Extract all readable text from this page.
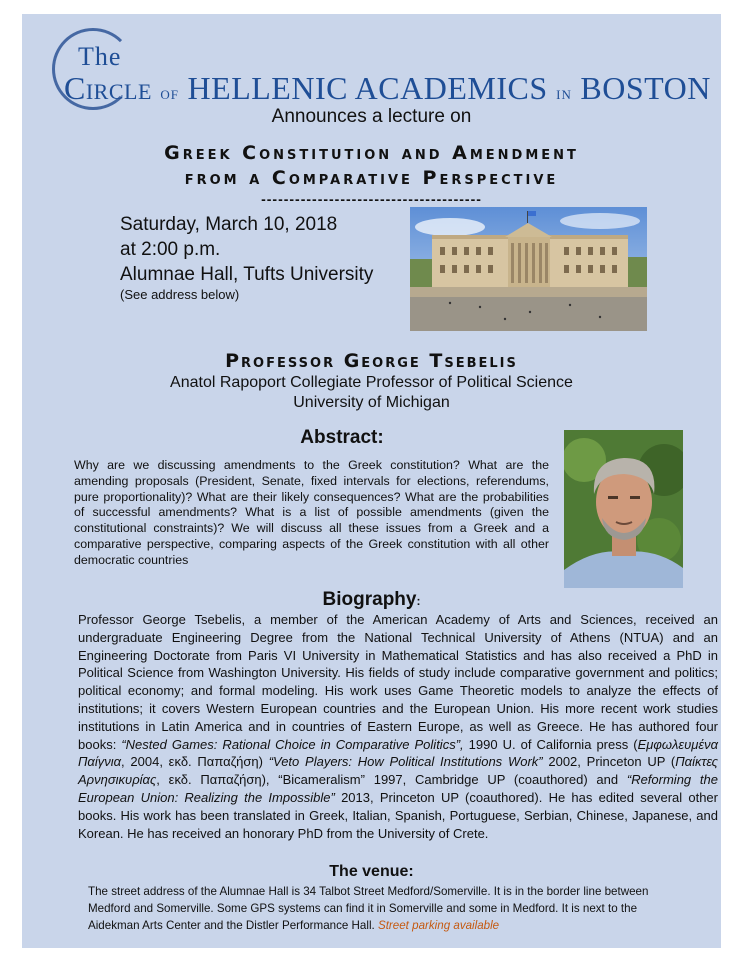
The
Circle of HELLENIC ACADEMICS in BOSTON
Announces a lecture on
Greek Constitution and Amendment
from a Comparative Perspective
---------------------------------------
Saturday, March 10, 2018
at 2:00 p.m.
Alumnae Hall, Tufts University
(See address below)
Professor George Tsebelis
Anatol Rapoport Collegiate Professor of Political Science
University of Michigan
Abstract:
Why are we discussing amendments to the Greek constitution? What are the amending proposals (President, Senate, fixed intervals for elections, referendums, pure proportionality)? What are their likely consequences? What are the probabilities of successful amendments? What is a list of possible amendments (given the constitutional constraints)? We will discuss all these issues from a Greek and a comparative perspective, comparing aspects of the Greek constitution with all other democratic countries
Biography:
Professor George Tsebelis, a member of the American Academy of Arts and Sciences, received an undergraduate Engineering Degree from the National Technical University of Athens (NTUA) and an Engineering Doctorate from Paris VI University in Mathematical Statistics and has also received a PhD in Political Science from Washington University. His fields of study include comparative government and politics; political economy; and formal modeling. His work uses Game Theoretic models to analyze the effects of institutions; it covers Western European countries and the European Union. His more recent work studies institutions in Latin America and in countries of Eastern Europe, as well as Greece. He has authored four books: “Nested Games: Rational Choice in Comparative Politics”, 1990 U. of California press (Εμφωλευμένα Παίγνια, 2004, εκδ. Παπαζήση) “Veto Players: How Political Institutions Work” 2002, Princeton UP (Παίκτες Αρνησικυρίας, εκδ. Παπαζήση), “Bicameralism” 1997, Cambridge UP (coauthored) and “Reforming the European Union: Realizing the Impossible” 2013, Princeton UP (coauthored). He has edited several other books. His work has been translated in Greek, Italian, Spanish, Portuguese, Serbian, Chinese, Japanese, and Korean. He has received an honorary PhD from the University of Crete.
The venue:
The street address of the Alumnae Hall is 34 Talbot Street Medford/Somerville. It is in the border line between Medford and Somerville. Some GPS systems can find it in Somerville and some in Medford. It is next to the Aidekman Arts Center and the Distler Performance Hall. Street parking available
